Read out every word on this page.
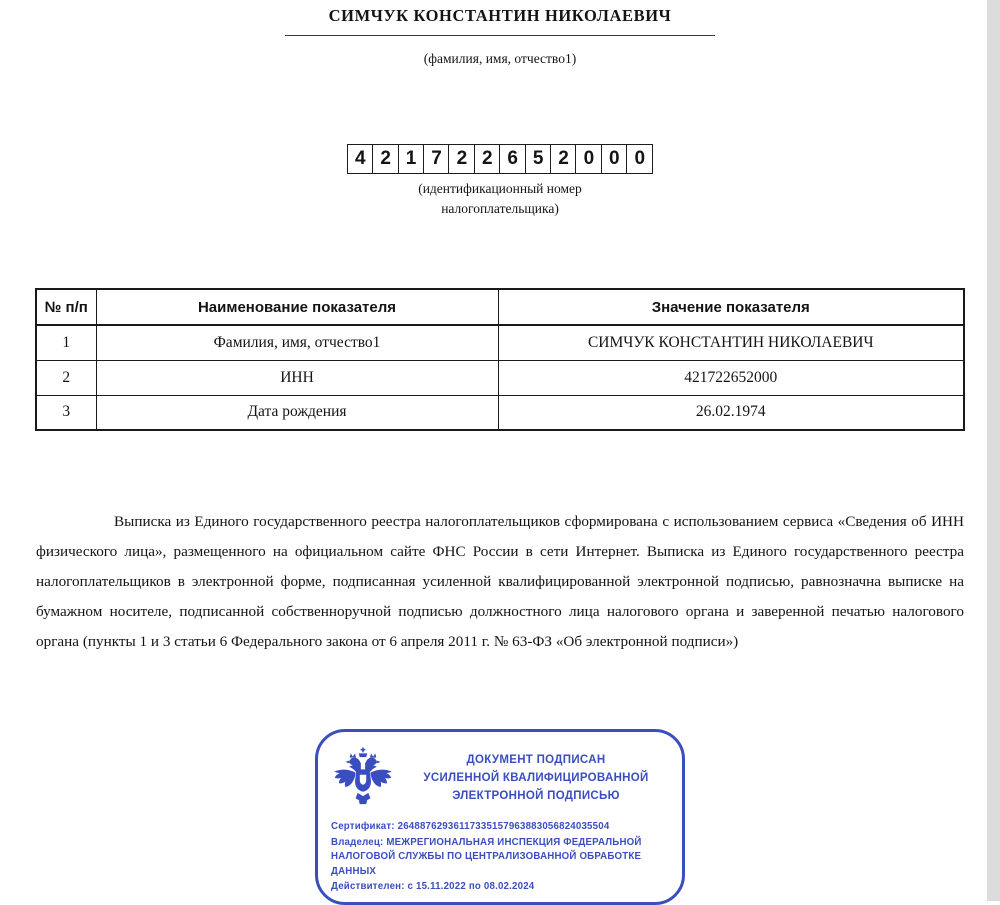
СИМЧУК КОНСТАНТИН НИКОЛАЕВИЧ
(фамилия, имя, отчество1)
4 2 1 7 2 2 6 5 2 0 0 0
(идентификационный номер
налогоплательщика)
№ п/п	Наименование показателя	Значение показателя
1	Фамилия, имя, отчество1	СИМЧУК КОНСТАНТИН НИКОЛАЕВИЧ
2	ИНН	421722652000
3	Дата рождения	26.02.1974

Выписка из Единого государственного реестра налогоплательщиков сформирована с использованием сервиса «Сведения об ИНН физического лица», размещенного на официальном сайте ФНС России в сети Интернет. Выписка из Единого государственного реестра налогоплательщиков в электронной форме, подписанная усиленной квалифицированной электронной подписью, равнозначна выписке на бумажном носителе, подписанной собственноручной подписью должностного лица налогового органа и заверенной печатью налогового органа (пункты 1 и 3 статьи 6 Федерального закона от 6 апреля 2011 г. № 63-ФЗ «Об электронной подписи»)

ДОКУМЕНТ ПОДПИСАН
УСИЛЕННОЙ КВАЛИФИЦИРОВАННОЙ
ЭЛЕКТРОННОЙ ПОДПИСЬЮ
Сертификат: 26488762936117335157963883056824035504
Владелец: МЕЖРЕГИОНАЛЬНАЯ ИНСПЕКЦИЯ ФЕДЕРАЛЬНОЙ НАЛОГОВОЙ СЛУЖБЫ ПО ЦЕНТРАЛИЗОВАННОЙ ОБРАБОТКЕ ДАННЫХ
Действителен: с 15.11.2022 по 08.02.2024
